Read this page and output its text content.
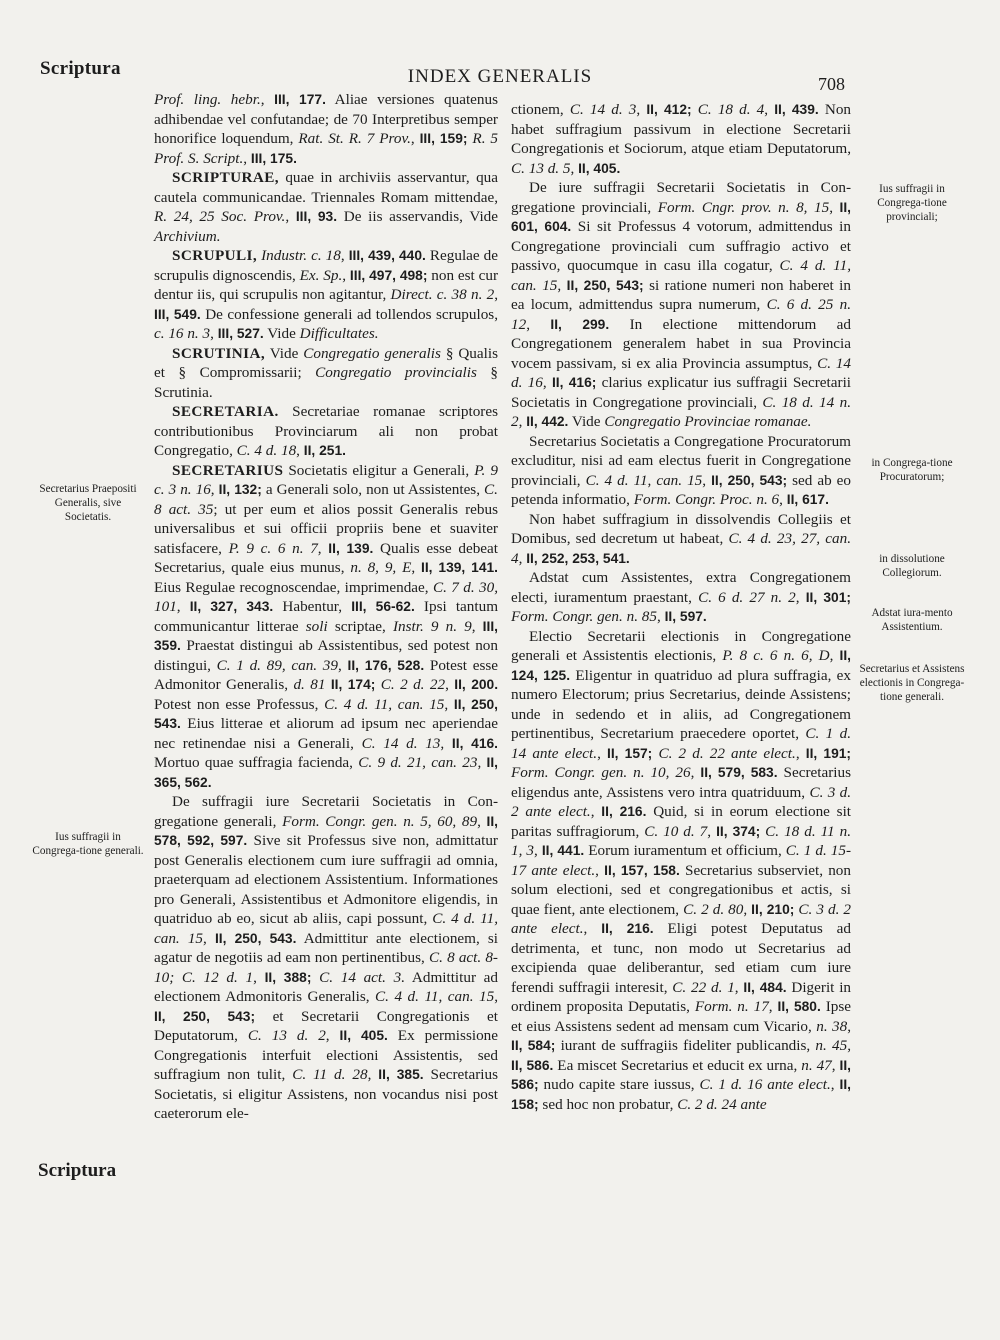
Scriptura	INDEX GENERALIS	708
Secretarius Praepositi Generalis, sive Societatis.
Ius suffragii in Congrega-tione generali.
Ius suffragii in Congrega-tione provinciali;
in Congrega-tione Procuratorum;
in dissolutione Collegiorum.
Adstat iura-mento Assistentium.
Secretarius et Assistens electionis in Congrega-tione generali.

Prof. ling. hebr., III, 177. Aliae versiones quatenus adhibendae vel confutandae; de 70 Interpretibus semper honorifice loquendum, Rat. St. R. 7 Prov., III, 159; R. 5 Prof. S. Script., III, 175.

SCRIPTURAE, quae in archiviis asservantur, qua cautela communicandae. Triennales Romam mittendae, R. 24, 25 Soc. Prov., III, 93. De iis asservandis, Vide Archivium.

SCRUPULI, Industr. c. 18, III, 439, 440. Regulae de scrupulis dignoscendis, Ex. Sp., III, 497, 498; non est cur dentur iis, qui scrupulis non agitantur, Direct. c. 38 n. 2, III, 549. De confessione generali ad tollendos scrupulos, c. 16 n. 3, III, 527. Vide Difficultates.

SCRUTINIA, Vide Congregatio generalis § Qualis et § Compromissarii; Congregatio provincialis § Scrutinia.

SECRETARIA. Secretariae romanae scriptores contributionibus Provinciarum ali non probat Congregatio, C. 4 d. 18, II, 251.

SECRETARIUS Societatis eligitur a Generali, P. 9 c. 3 n. 16, II, 132; a Generali solo, non ut Assistentes, C. 8 act. 35; ut per eum et alios possit Generalis rebus universalibus et sui officii propriis bene et suaviter satisfacere, P. 9 c. 6 n. 7, II, 139. Qualis esse debeat Secretarius, quale eius munus, n. 8, 9, E, II, 139, 141. Eius Regulae recognoscendae, imprimendae, C. 7 d. 30, 101, II, 327, 343. Habentur, III, 56-62. Ipsi tantum communicantur litterae soli scriptae, Instr. 9 n. 9, III, 359. Praestat distingui ab Assistentibus, sed potest non distingui, C. 1 d. 89, can. 39, II, 176, 528. Potest esse Admonitor Generalis, d. 81 II, 174; C. 2 d. 22, II, 200. Potest non esse Professus, C. 4 d. 11, can. 15, II, 250, 543. Eius litterae et aliorum ad ipsum nec aperiendae nec retinendae nisi a Generali, C. 14 d. 13, II, 416. Mortuo quae suffragia facienda, C. 9 d. 21, can. 23, II, 365, 562.

De suffragii iure Secretarii Societatis in Congregatione generali, Form. Congr. gen. n. 5, 60, 89, II, 578, 592, 597. Sive sit Professus sive non, admittatur post Generalis electionem cum iure suffragii ad omnia, praeterquam ad electionem Assistentium. Informationes pro Generali, Assistentibus et Admonitore eligendis, in quatriduo ab eo, sicut ab aliis, capi possunt, C. 4 d. 11, can. 15, II, 250, 543. Admittitur ante electionem, si agatur de negotiis ad eam non pertinentibus, C. 8 act. 8-10; C. 12 d. 1, II, 388; C. 14 act. 3. Admittitur ad electionem Admonitoris Generalis, C. 4 d. 11, can. 15, II, 250, 543; et Secretarii Congregationis et Deputatorum, C. 13 d. 2, II, 405. Ex permissione Congregationis interfuit electioni Assistentis, sed suffragium non tulit, C. 11 d. 28, II, 385. Secretarius Societatis, si eligitur Assistens, non vocandus nisi post caeterorum ele-

ctionem, C. 14 d. 3, II, 412; C. 18 d. 4, II, 439. Non habet suffragium passivum in electione Secretarii Congregationis et Sociorum, atque etiam Deputatorum, C. 13 d. 5, II, 405.

De iure suffragii Secretarii Societatis in Congregatione provinciali, Form. Cngr. prov. n. 8, 15, II, 601, 604. Si sit Professus 4 votorum, admittendus in Congregatione provinciali cum suffragio activo et passivo, quocumque in casu illa cogatur, C. 4 d. 11, can. 15, II, 250, 543; si ratione numeri non haberet in ea locum, admittendus supra numerum, C. 6 d. 25 n. 12, II, 299. In electione mittendorum ad Congregationem generalem habet in sua Provincia vocem passivam, si ex alia Provincia assumptus, C. 14 d. 16, II, 416; clarius explicatur ius suffragii Secretarii Societatis in Congregatione provinciali, C. 18 d. 14 n. 2, II, 442. Vide Congregatio Provinciae romanae.

Secretarius Societatis a Congregatione Procuratorum excluditur, nisi ad eam electus fuerit in Congregatione provinciali, C. 4 d. 11, can. 15, II, 250, 543; sed ab eo petenda informatio, Form. Congr. Proc. n. 6, II, 617.

Non habet suffragium in dissolvendis Collegiis et Domibus, sed decretum ut habeat, C. 4 d. 23, 27, can. 4, II, 252, 253, 541.

Adstat cum Assistentes, extra Congregationem electi, iuramentum praestant, C. 6 d. 27 n. 2, II, 301; Form. Congr. gen. n. 85, II, 597.

Electio Secretarii electionis in Congregatione generali et Assistentis electionis, P. 8 c. 6 n. 6, D, II, 124, 125. Eligentur in quatriduo ad plura suffragia, ex numero Electorum; prius Secretarius, deinde Assistens; unde in sedendo et in aliis, ad Congregationem pertinentibus, Secretarium praecedere oportet, C. 1 d. 14 ante elect., II, 157; C. 2 d. 22 ante elect., II, 191; Form. Congr. gen. n. 10, 26, II, 579, 583. Secretarius eligendus ante, Assistens vero intra quatriduum, C. 3 d. 2 ante elect., II, 216. Quid, si in eorum electione sit paritas suffragiorum, C. 10 d. 7, II, 374; C. 18 d. 11 n. 1, 3, II, 441. Eorum iuramentum et officium, C. 1 d. 15-17 ante elect., II, 157, 158. Secretarius subserviet, non solum electioni, sed et congregationibus et actis, si quae fient, ante electionem, C. 2 d. 80, II, 210; C. 3 d. 2 ante elect., II, 216. Eligi potest Deputatus ad detrimenta, et tunc, non modo ut Secretarius ad excipienda quae deliberantur, sed etiam cum iure ferendi suffragii interesit, C. 22 d. 1, II, 484. Digerit in ordinem proposita Deputatis, Form. n. 17, II, 580. Ipse et eius Assistens sedent ad mensam cum Vicario, n. 38, II, 584; iurant de suffragiis fideliter publicandis, n. 45, II, 586. Ea miscet Secretarius et educit ex urna, n. 47, II, 586; nudo capite stare iussus, C. 1 d. 16 ante elect., II, 158; sed hoc non probatur, C. 2 d. 24 ante

Scriptura
